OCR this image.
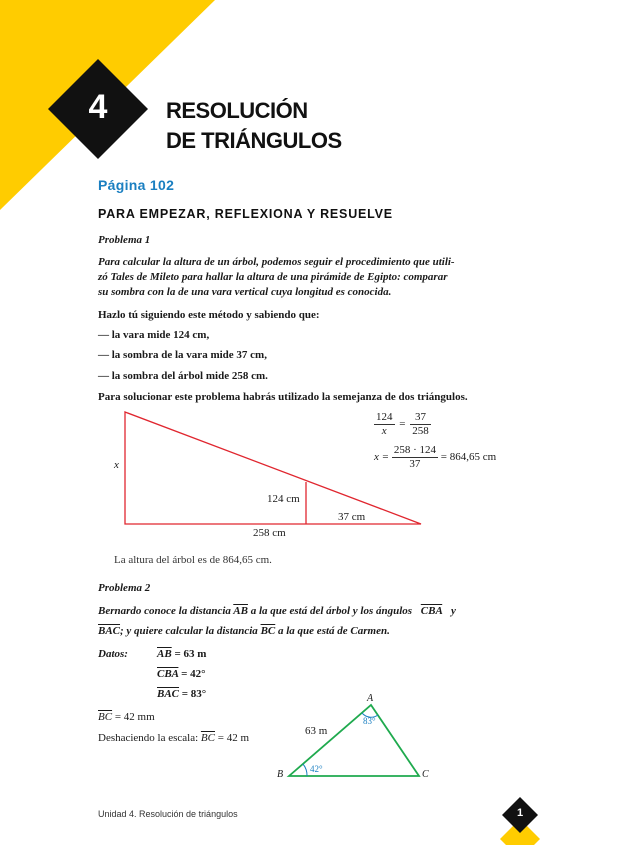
4	RESOLUCIÓN
DE TRIÁNGULOS
Página 102
PARA EMPEZAR, REFLEXIONA Y RESUELVE
Problema 1
Para calcular la altura de un árbol, podemos seguir el procedimiento que utili-
zó Tales de Mileto para hallar la altura de una pirámide de Egipto: comparar
su sombra con la de una vara vertical cuya longitud es conocida.
Hazlo tú siguiendo este método y sabiendo que:
— la vara mide 124 cm,
— la sombra de la vara mide 37 cm,
— la sombra del árbol mide 258 cm.
Para solucionar este problema habrás utilizado la semejanza de dos triángulos.
x
124 cm
37 cm
258 cm
$\frac{124}{x} = \frac{37}{258}$
$x = \frac{258 \cdot 124}{37} = 864,65$ cm
La altura del árbol es de 864,65 cm.
Problema 2
Bernardo conoce la distancia $\overline{AB}$ a la que está del árbol y los ángulos $\overline{CBA}$ y
$\overline{BAC}$; y quiere calcular la distancia $\overline{BC}$ a la que está de Carmen.
Datos:	$\overline{AB} = 63$ m
$\overline{CBA} = 42^\circ$
$\overline{BAC} = 83^\circ$
$\overline{BC} = 42$ mm
Deshaciendo la escala: $\overline{BC} = 42$ m
A
B	C
63 m
83°
42°
Unidad 4. Resolución de triángulos	1
